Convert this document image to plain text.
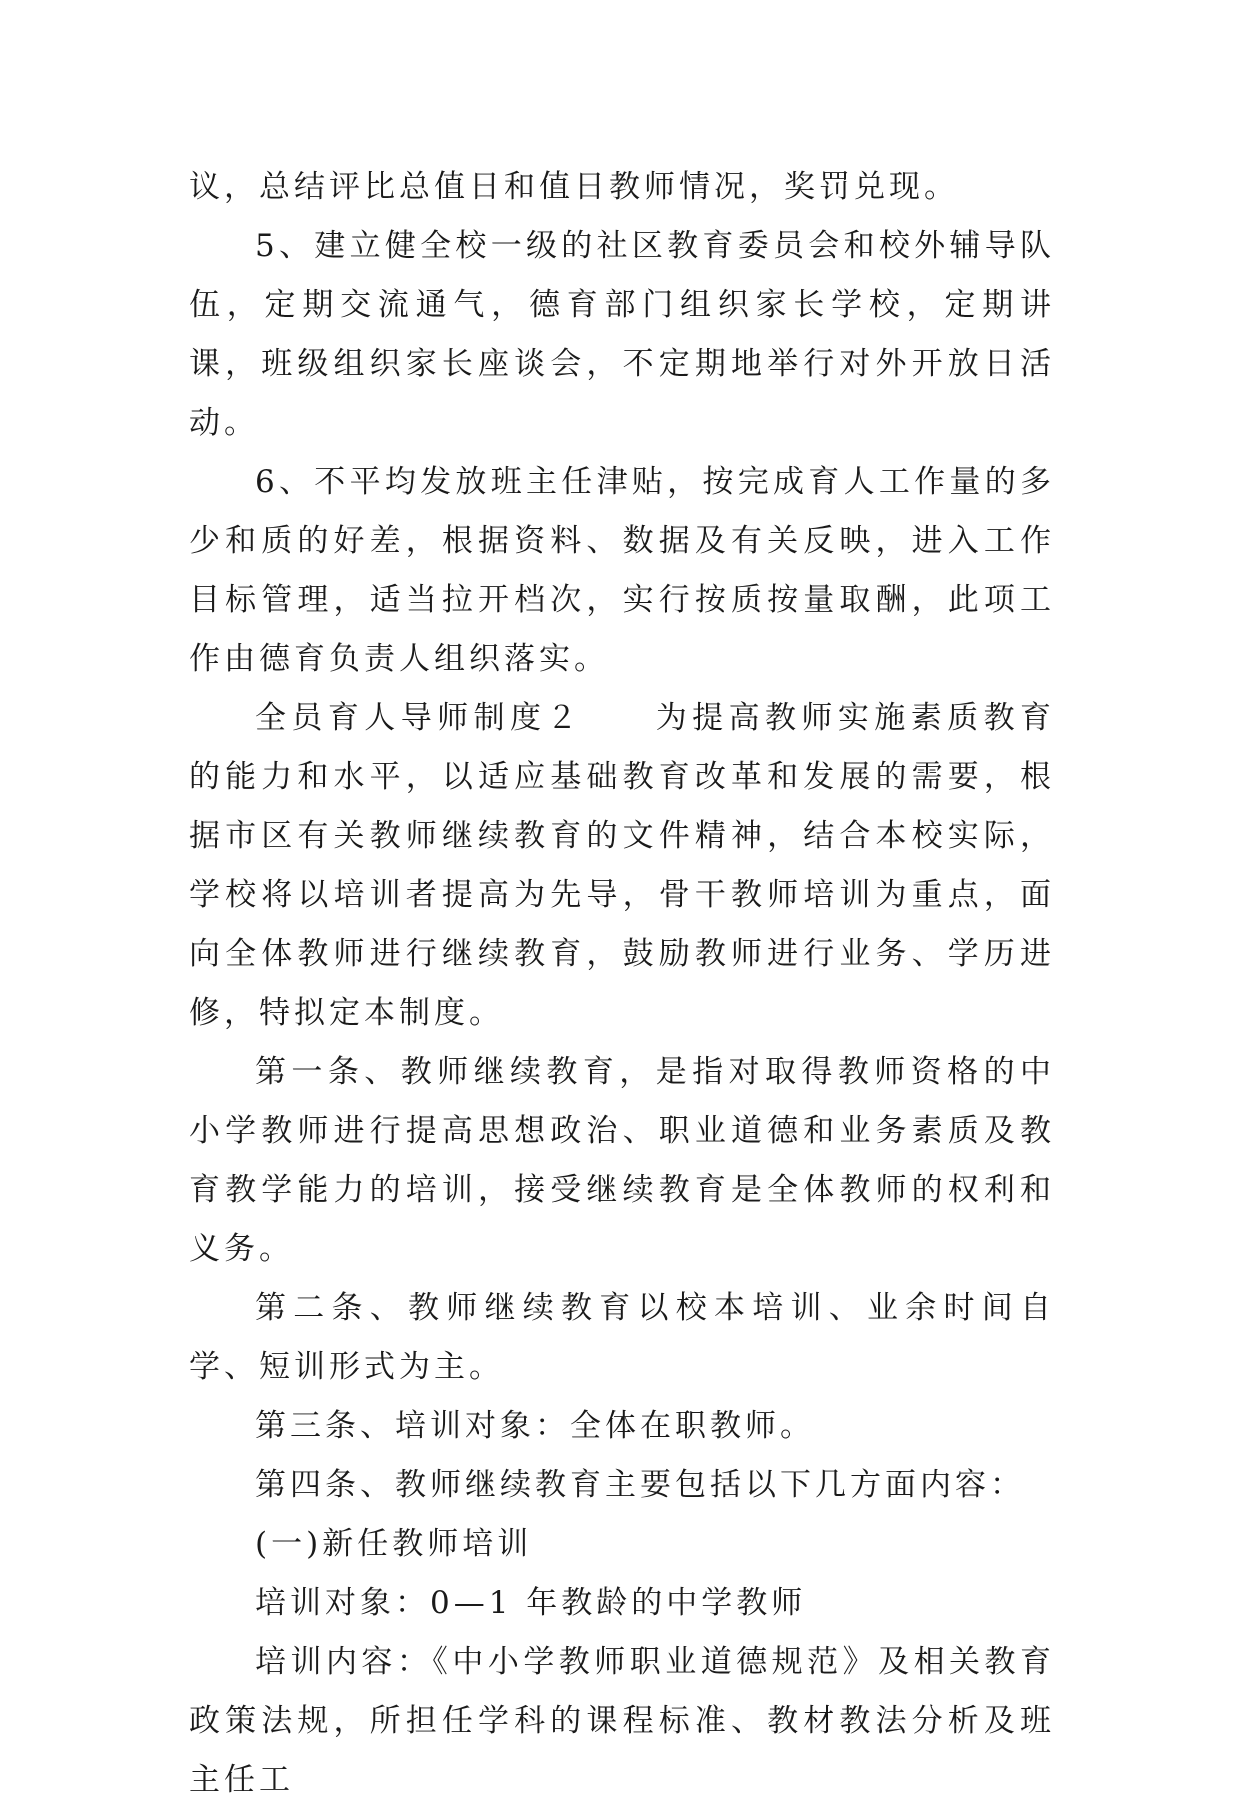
议，总结评比总值日和值日教师情况，奖罚兑现。

5、建立健全校一级的社区教育委员会和校外辅导队伍，定期交流通气，德育部门组织家长学校，定期讲课，班级组织家长座谈会，不定期地举行对外开放日活动。

6、不平均发放班主任津贴，按完成育人工作量的多少和质的好差，根据资料、数据及有关反映，进入工作目标管理，适当拉开档次，实行按质按量取酬，此项工作由德育负责人组织落实。

全员育人导师制度２　　为提高教师实施素质教育的能力和水平，以适应基础教育改革和发展的需要，根据市区有关教师继续教育的文件精神，结合本校实际，学校将以培训者提高为先导，骨干教师培训为重点，面向全体教师进行继续教育，鼓励教师进行业务、学历进修，特拟定本制度。

第一条、教师继续教育，是指对取得教师资格的中小学教师进行提高思想政治、职业道德和业务素质及教育教学能力的培训，接受继续教育是全体教师的权利和义务。

第二条、教师继续教育以校本培训、业余时间自学、短训形式为主。

第三条、培训对象：全体在职教师。

第四条、教师继续教育主要包括以下几方面内容：

(一)新任教师培训

培训对象：0—1 年教龄的中学教师

培训内容：《中小学教师职业道德规范》及相关教育政策法规，所担任学科的课程标准、教材教法分析及班主任工
